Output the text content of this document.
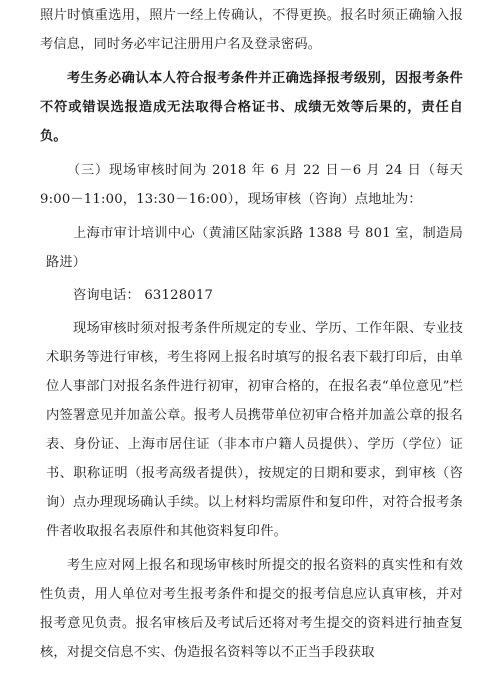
照片时慎重选用，照片一经上传确认，不得更换。报名时须正确输入报考信息，同时务必牢记注册用户名及登录密码。

考生务必确认本人符合报考条件并正确选择报考级别，因报考条件不符或错误选报造成无法取得合格证书、成绩无效等后果的，责任自负。

（三）现场审核时间为 2018 年 6 月 22 日－6 月 24 日（每天 9:00－11:00，13:30－16:00），现场审核（咨询）点地址为：

上海市审计培训中心（黄浦区陆家浜路 1388 号 801 室，制造局路进）

咨询电话： 63128017

现场审核时须对报考条件所规定的专业、学历、工作年限、专业技术职务等进行审核，考生将网上报名时填写的报名表下载打印后，由单位人事部门对报名条件进行初审，初审合格的，在报名表“单位意见”栏内签署意见并加盖公章。报考人员携带单位初审合格并加盖公章的报名表、身份证、上海市居住证（非本市户籍人员提供）、学历（学位）证书、职称证明（报考高级者提供），按规定的日期和要求，到审核（咨询）点办理现场确认手续。以上材料均需原件和复印件，对符合报考条件者收取报名表原件和其他资料复印件。

考生应对网上报名和现场审核时所提交的报名资料的真实性和有效性负责，用人单位对考生报考条件和提交的报考信息应认真审核，并对报考意见负责。报名审核后及考试后还将对考生提交的资料进行抽查复核，对提交信息不实、伪造报名资料等以不正当手段获取
